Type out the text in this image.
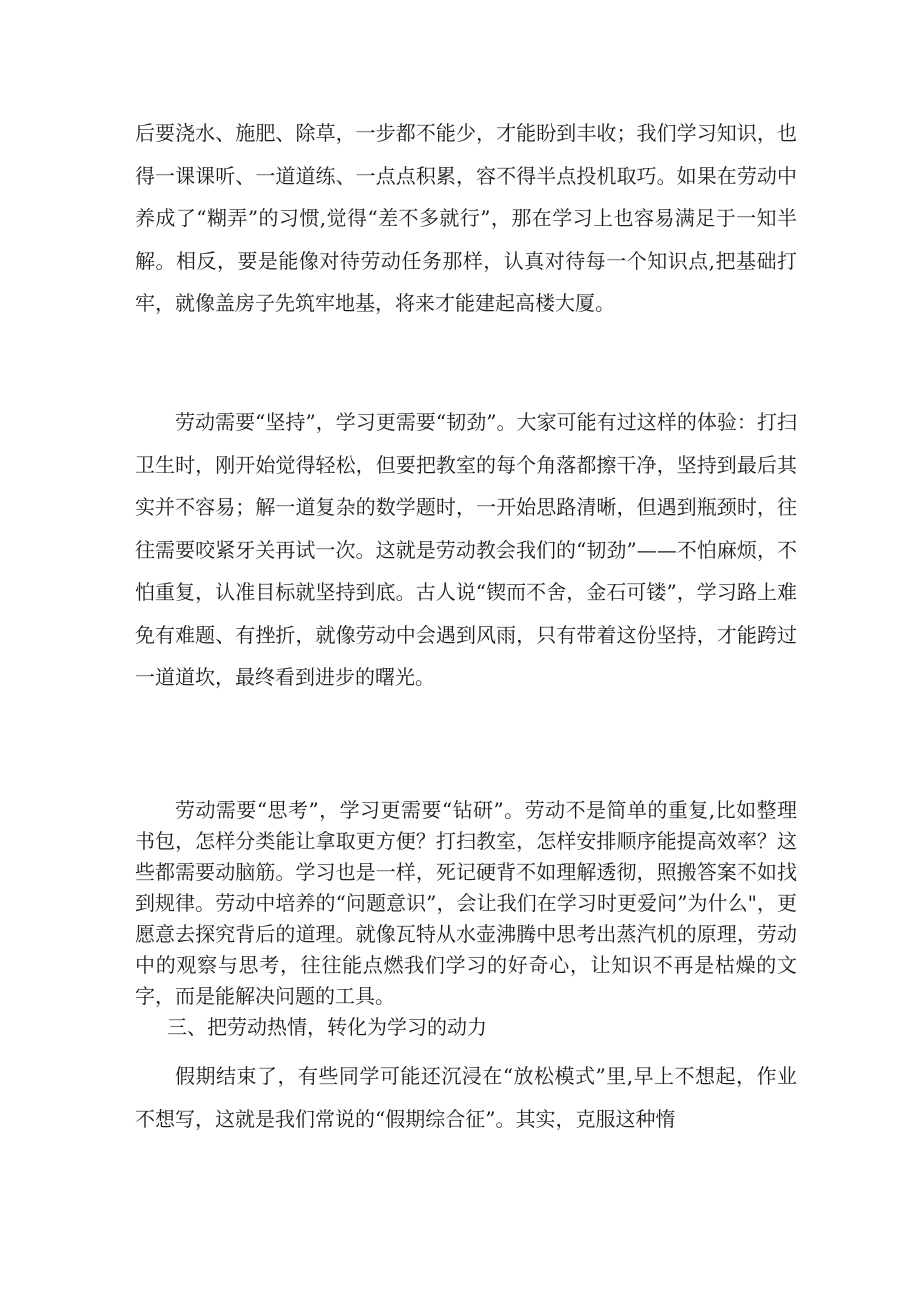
后要浇水、施肥、除草，一步都不能少，才能盼到丰收；我们学习知识，也得一课课听、一道道练、一点点积累，容不得半点投机取巧。如果在劳动中养成了“糊弄”的习惯,觉得“差不多就行”，那在学习上也容易满足于一知半解。相反，要是能像对待劳动任务那样，认真对待每一个知识点,把基础打牢，就像盖房子先筑牢地基，将来才能建起高楼大厦。

劳动需要“坚持”，学习更需要“韧劲”。大家可能有过这样的体验：打扫卫生时，刚开始觉得轻松，但要把教室的每个角落都擦干净，坚持到最后其实并不容易；解一道复杂的数学题时，一开始思路清晰，但遇到瓶颈时，往往需要咬紧牙关再试一次。这就是劳动教会我们的“韧劲”——不怕麻烦，不怕重复，认准目标就坚持到底。古人说“锲而不舍，金石可镂”，学习路上难免有难题、有挫折，就像劳动中会遇到风雨，只有带着这份坚持，才能跨过一道道坎，最终看到进步的曙光。

劳动需要“思考”，学习更需要“钻研”。劳动不是简单的重复,比如整理书包，怎样分类能让拿取更方便？打扫教室，怎样安排顺序能提高效率？这些都需要动脑筋。学习也是一样，死记硬背不如理解透彻，照搬答案不如找到规律。劳动中培养的“问题意识”，会让我们在学习时更爱问”为什么"，更愿意去探究背后的道理。就像瓦特从水壶沸腾中思考出蒸汽机的原理，劳动中的观察与思考，往往能点燃我们学习的好奇心，让知识不再是枯燥的文字，而是能解决问题的工具。

三、把劳动热情，转化为学习的动力

假期结束了，有些同学可能还沉浸在“放松模式”里,早上不想起，作业不想写，这就是我们常说的“假期综合征”。其实，克服这种惰
